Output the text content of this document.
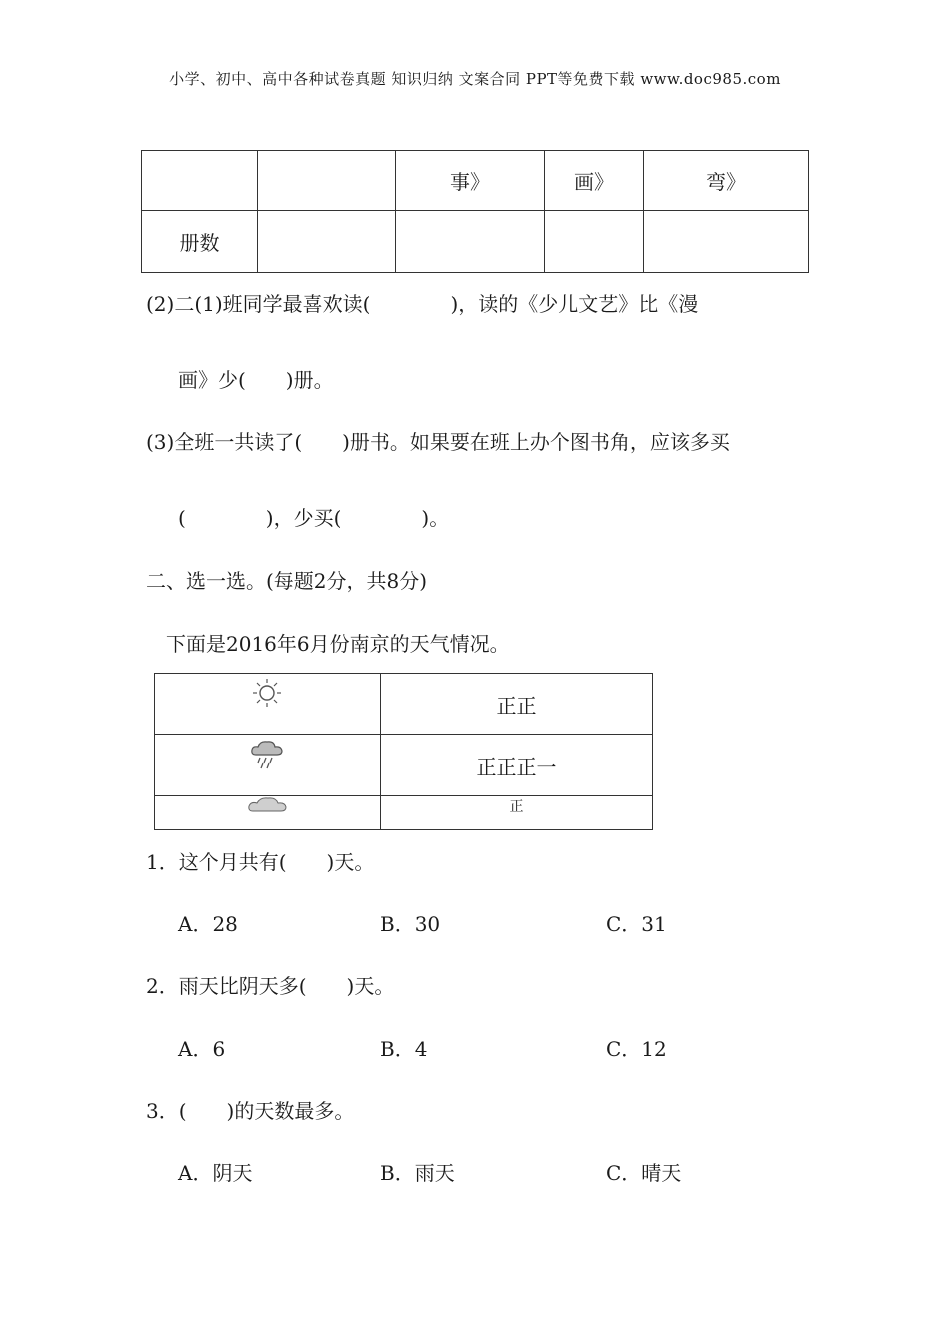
小学、初中、高中各种试卷真题 知识归纳 文案合同 PPT等免费下载 www.doc985.com
		事》	画》	弯》
册数				
(2)二(1)班同学最喜欢读(　　　　)，读的《少儿文艺》比《漫
画》少(　　)册。
(3)全班一共读了(　　)册书。如果要在班上办个图书角，应该多买
(　　　　)，少买(　　　　)。
二、选一选。(每题2分，共8分)
下面是2016年6月份南京的天气情况。
	正正

	正正正一

	正
1．这个月共有(　　)天。
A．28	B．30	C．31
2．雨天比阴天多(　　)天。
A．6	B．4	C．12
3．(　　)的天数最多。
A．阴天	B．雨天	C．晴天
